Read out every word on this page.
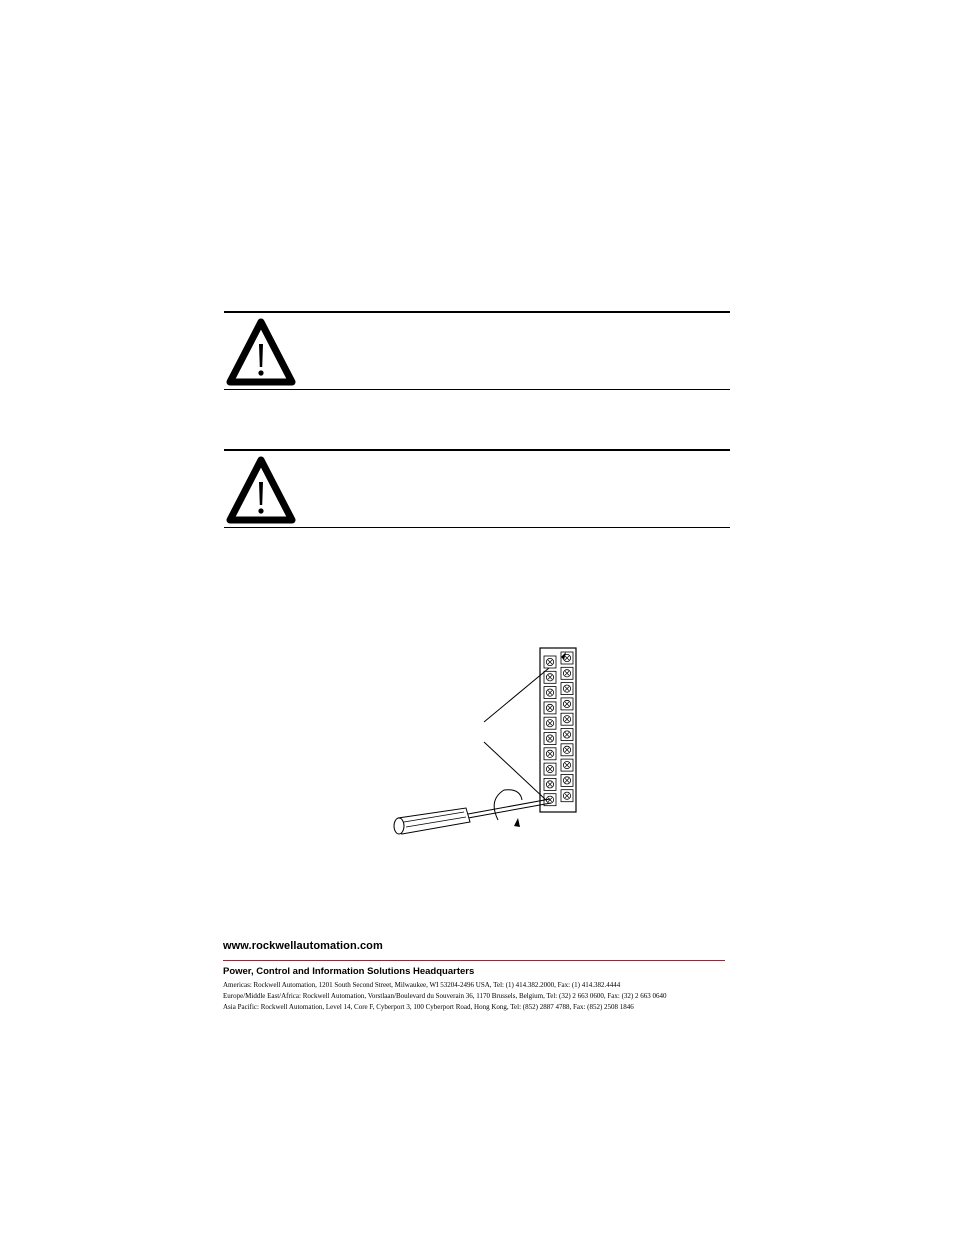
www.rockwellautomation.com
Power, Control and Information Solutions Headquarters
Americas: Rockwell Automation, 1201 South Second Street, Milwaukee, WI 53204-2496 USA, Tel: (1) 414.382.2000, Fax: (1) 414.382.4444
Europe/Middle East/Africa: Rockwell Automation, Vorstlaan/Boulevard du Souverain 36, 1170 Brussels, Belgium, Tel: (32) 2 663 0600, Fax: (32) 2 663 0640
Asia Pacific: Rockwell Automation, Level 14, Core F, Cyberport 3, 100 Cyberport Road, Hong Kong, Tel: (852) 2887 4788, Fax: (852) 2508 1846
